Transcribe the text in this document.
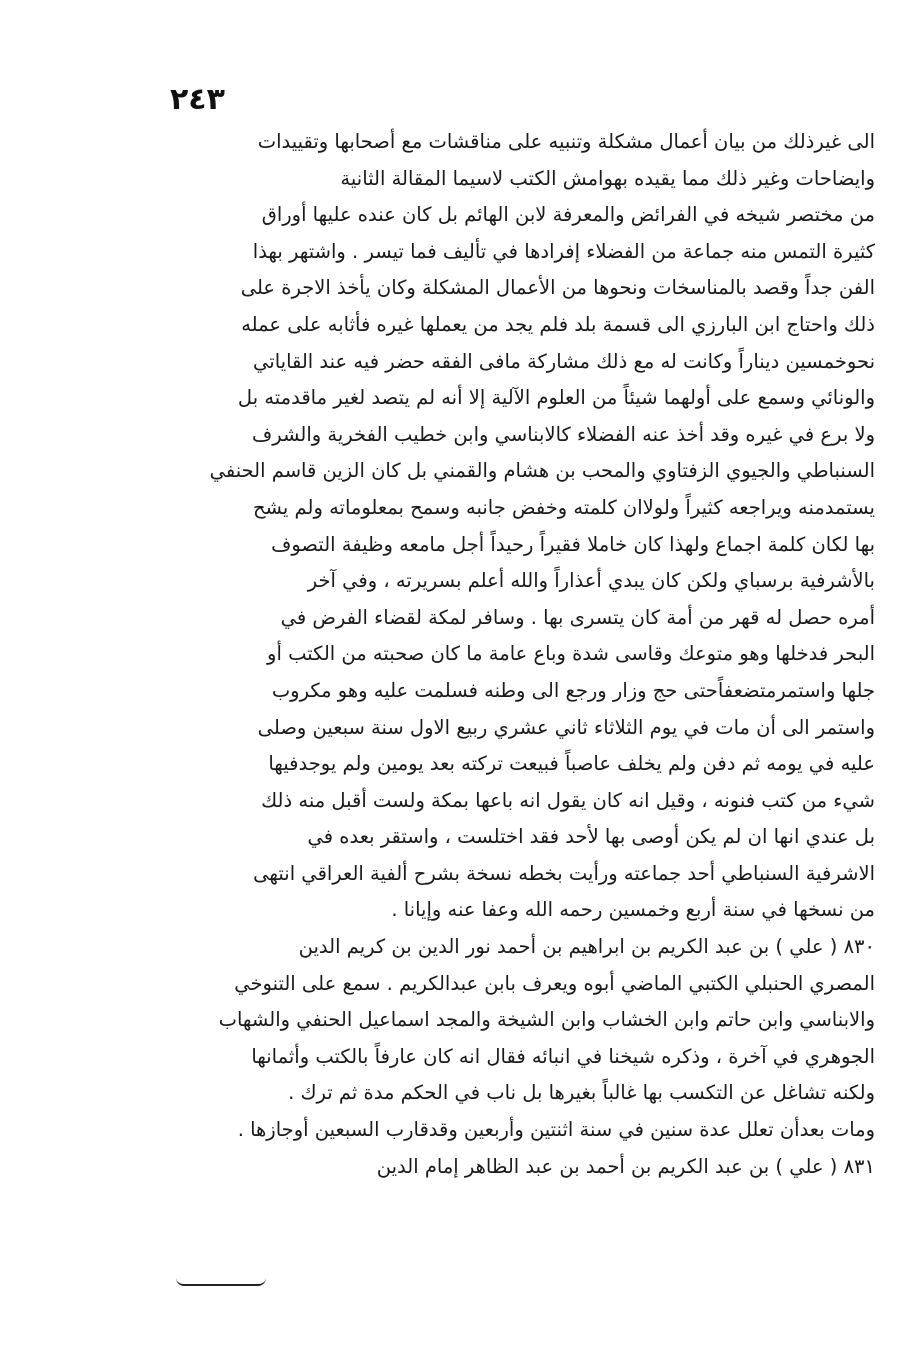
٢٤٣
الى غيرذلك من بيان أعمال مشكلة وتنبيه على مناقشات مع أصحابها وتقييدات
وايضاحات وغير ذلك مما يقيده بهوامش الكتب لاسيما المقالة الثانية
من مختصر شيخه في الفرائض والمعرفة لابن الهائم بل كان عنده عليها أوراق
كثيرة التمس منه جماعة من الفضلاء إفرادها في تأليف فما تيسر . واشتهر بهذا
الفن جداً وقصد بالمناسخات ونحوها من الأعمال المشكلة وكان يأخذ الاجرة على
ذلك واحتاج ابن البارزي الى قسمة بلد فلم يجد من يعملها غيره فأثابه على عمله
نحوخمسين ديناراً وكانت له مع ذلك مشاركة مافى الفقه حضر فيه عند القاياتي
والونائي وسمع على أولهما شيئاً من العلوم الآلية إلا أنه لم يتصد لغير ماقدمته بل
ولا برع في غيره وقد أخذ عنه الفضلاء كالابناسي وابن خطيب الفخرية والشرف
السنباطي والجيوي الزفتاوي والمحب بن هشام والقمني بل كان الزين قاسم الحنفي
يستمدمنه ويراجعه كثيراً ولولاان كلمته وخفض جانبه وسمح بمعلوماته ولم يشح
بها لكان كلمة اجماع ولهذا كان خاملا فقيراً رحيداً أجل مامعه وظيفة التصوف
بالأشرفية برسباي ولكن كان يبدي أعذاراً والله أعلم بسريرته ، وفي آخر
أمره حصل له قهر من أمة كان يتسرى بها . وسافر لمكة لقضاء الفرض في
البحر فدخلها وهو متوعك وقاسى شدة وباع عامة ما كان صحبته من الكتب أو
جلها واستمرمتضعفاًحتى حج وزار ورجع الى وطنه فسلمت عليه وهو مكروب
واستمر الى أن مات في يوم الثلاثاء ثاني عشري ربيع الاول سنة سبعين وصلى
عليه في يومه ثم دفن ولم يخلف عاصباً فبيعت تركته بعد يومين ولم يوجدفيها
شيء من كتب فنونه ، وقيل انه كان يقول انه باعها بمكة ولست أقبل منه ذلك
بل عندي انها ان لم يكن أوصى بها لأحد فقد اختلست ، واستقر بعده في
الاشرفية السنباطي أحد جماعته ورأيت بخطه نسخة بشرح ألفية العراقي انتهى
من نسخها في سنة أربع وخمسين رحمه الله وعفا عنه وإيانا .
٨٣٠ ( علي ) بن عبد الكريم بن ابراهيم بن أحمد نور الدين بن كريم الدين
المصري الحنبلي الكتبي الماضي أبوه ويعرف بابن عبدالكريم . سمع على التنوخي
والابناسي وابن حاتم وابن الخشاب وابن الشيخة والمجد اسماعيل الحنفي والشهاب
الجوهري في آخرة ، وذكره شيخنا في انبائه فقال انه كان عارفاً بالكتب وأثمانها
ولكنه تشاغل عن التكسب بها غالباً بغيرها بل ناب في الحكم مدة ثم ترك .
ومات بعدأن تعلل عدة سنين في سنة اثنتين وأربعين وقدقارب السبعين أوجازها .
٨٣١ ( علي ) بن عبد الكريم بن أحمد بن عبد الظاهر إمام الدين
